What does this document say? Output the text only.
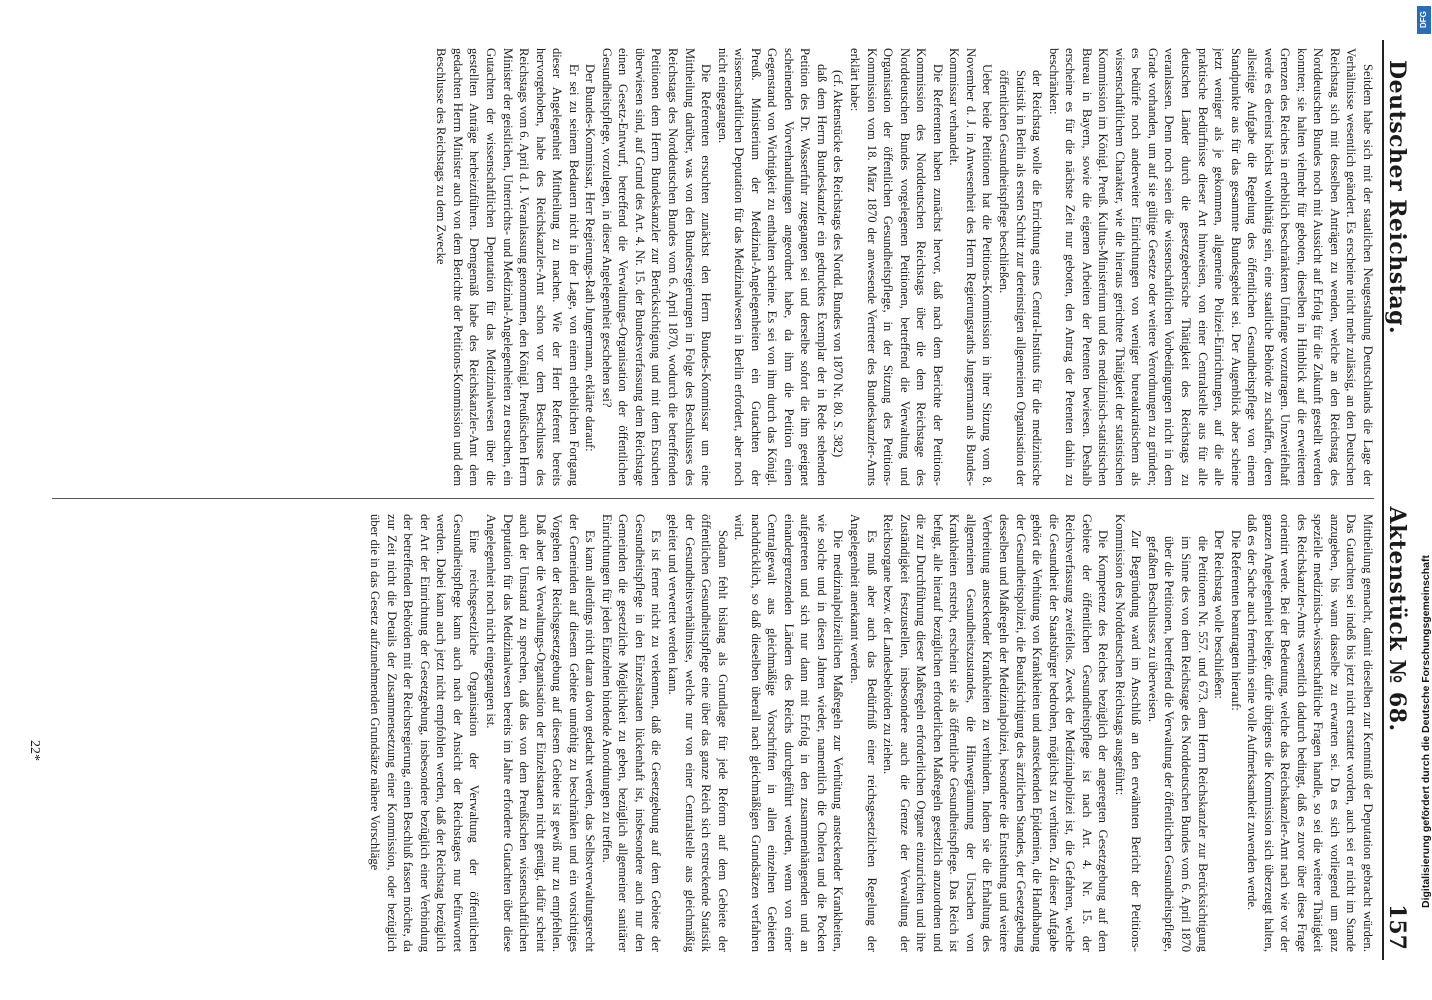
Deutscher Reichstag.
Aktenstück № 68.
157

Seitdem habe sich mit der staatlichen Neugestaltung Deutschlands die Lage der Verhältnisse wesentlich geändert. Es erscheine nicht mehr zulässig, an den Deutschen Reichstag sich mit desselben Anträgen zu wenden, welche an den Reichstag des Norddeutschen Bundes noch mit Aussicht auf Erfolg für die Zukunft gestellt werden konnten; sie halten vielmehr für geboten, dieselben in Hinblick auf die erweiterten Grenzen des Reiches in erheblich beschränktem Umfange vorzutragen. Unzweifelhaft werde es dereinst höchst wohlthätig sein, eine staatliche Behörde zu schaffen, deren allseitige Aufgabe die Regelung des öffentlichen Gesundheitspflege von einem Standpunkte aus für das gesammte Bundesgebiet sei. Der Augenblick aber scheine jetzt weniger als je gekommen, allgemeine Polizei-Einrichtungen, auf die alle praktische Bedürfnisse dieser Art hinweisen, von einer Centralstelle aus für alle deutschen Länder durch die gesetzgeberische Thätigkeit des Reichstags zu veranlassen. Denn noch seien die wissenschaftlichen Vorbedingungen nicht in dem Grade vorhanden, um auf sie gültige Gesetze oder weitere Verordnungen zu gründen; es bedürfe noch anderweiter Einrichtungen von weniger bureaukratischem als wissenschaftlichem Charakter, wie die hieraus gerichtete Thätigkeit der statistischen Kommission im Königl. Preuß. Kultus-Ministerium und des medizinisch-statistischen Bureau in Bayern, sowie die eigenen Arbeiten der Petenten bewiesen. Deshalb erscheine es für die nächste Zeit nur geboten, den Antrag der Petenten dahin zu beschränken:

der Reichstag wolle die Errichtung eines Central-Instituts für die medizinische Statistik in Berlin als ersten Schritt zur dereinstigen allgemeinen Organisation der öffentlichen Gesundheitspflege beschließen.

Ueber beide Petitionen hat die Petitions-Kommission in ihrer Sitzung vom 8. November d. J. in Anwesenheit des Herrn Regierungsraths Jungermann als Bundes-Kommissar verhandelt.

Die Referenten haben zunächst hervor, daß nach dem Berichte der Petitions-Kommission des Norddeutschen Reichstags über die dem Reichstage des Norddeutschen Bundes vorgelegenen Petitionen, betreffend die Verwaltung und Organisation der öffentlichen Gesundheitspflege, in der Sitzung des Petitions-Kommission vom 18. März 1870 der anwesende Vertreter des Bundeskanzler-Amts erklärt habe:

(cf. Aktenstücke des Reichstags des Nordd. Bundes von 1870 Nr. 80. S. 382)

daß dem Herrn Bundeskanzler ein gedrucktes Exemplar der in Rede stehenden Petition des Dr. Wasserfuhr zugegangen sei und derselbe sofort die ihm geeignet scheinenden Vorverhandlungen angeordnet habe, da ihm die Petition einen Gegenstand von Wichtigkeit zu enthalten scheine. Es sei von ihm durch das Königl. Preuß. Ministerium der Medizinal-Angelegenheiten ein Gutachten der wissenschaftlichen Deputation für das Medizinalwesen in Berlin erfordert, aber noch nicht eingegangen.

Die Referenten ersuchten zunächst den Herrn Bundes-Kommissar um eine Mittheilung darüber, was von den Bundesregierungen in Folge des Beschlusses des Reichstags des Norddeutschen Bundes vom 6. April 1870, wodurch die betreffenden Petitionen dem Herrn Bundeskanzler zur Berücksichtigung und mit dem Ersuchen überwiesen sind, auf Grund des Art. 4. Nr. 15. der Bundesverfassung dem Reichstage einen Gesetz-Entwurf, betreffend die Verwaltungs-Organisation der öffentlichen Gesundheitspflege, vorzulegen, in dieser Angelegenheit geschehen sei?

Der Bundes-Kommissar, Herr Regierungs-Rath Jungermann, erklärte darauf:

Er sei zu seinem Bedauern nicht in der Lage, von einem erheblichen Fortgang dieser Angelegenheit Mittheilung zu machen. Wie der Herr Referent bereits hervorgehoben, habe des Reichskanzler-Amt schon vor dem Beschlusse des Reichstags vom 6. April d. J. Veranlassung genommen, den Königl. Preußischen Herrn Minister der geistlichen, Unterrichts- und Medizinal-Angelegenheiten zu ersuchen, ein Gutachten der wissenschaftlichen Deputation für das Medizinalwesen über die gestellten Anträge herbeizuführen. Demgemäß habe des Reichskanzler-Amt dem gedachten Herrn Minister auch von dem Berichte der Petitions-Kommission und dem Beschlusse des Reichstags zu dem Zwecke

Mittheilung gemacht, damit dieselben zur Kenntniß der Deputation gebracht würden. Das Gutachten sei indeß bis jetzt nicht erstattet worden, auch sei er nicht im Stande anzugeben, bis wann dasselbe zu erwarten sei. Da es sich vorliegend um ganz spezielle medizinisch-wissenschaftliche Fragen handle, so sei die weitere Thätigkeit des Reichskanzler-Amts wesentlich dadurch bedingt, daß es zuvor über diese Frage orientirt werde. Bei der Bedeutung, welche das Reichskanzler-Amt nach wie vor der ganzen Angelegenheit beilege, dürfe übrigens die Kommission sich überzeugt halten, daß es der Sache auch fernerhin seine volle Aufmerksamkeit zuwenden werde.

Die Referenten beantragten hierauf:

Der Reichstag wolle beschließen:

die Petitionen Nr. 557. und 673. dem Herrn Reichskanzler zur Berücksichtigung im Sinne des von dem Reichstage des Norddeutschen Bundes vom 6. April 1870 über die Petitionen, betreffend die Verwaltung der öffentlichen Gesundheitspflege, gefaßten Beschlusses zu überweisen.

Zur Begründung ward im Anschluß an den erwähnten Bericht der Petitions-Kommission des Norddeutschen Reichstags ausgeführt:

Die Kompetenz des Reiches bezüglich der angeregten Gesetzgebung auf dem Gebiete der öffentlichen Gesundheitspflege ist nach Art. 4. Nr. 15. der Reichsverfassung zweifellos. Zweck der Medizinalpolizei ist, die Gefahren, welche die Gesundheit der Staatsbürger bedrohen, möglichst zu verhüten. Zu dieser Aufgabe gehört die Verhütung von Krankheiten und ansteckenden Epidemien, die Handhabung der Gesundheitspolizei, die Beaufsichtigung des ärztlichen Standes, der Gesetzgebung desselben und Maßregeln der Medizinalpolizei, besondere die Entstehung und weitere Verbreitung ansteckender Krankheiten zu verhindern. Indem sie die Erhaltung des allgemeinen Gesundheitszustandes, die Hinwegräumung der Ursachen von Krankheiten erstrebt, erscheint sie als öffentliche Gesundheitspflege. Das Reich ist befugt, alle hierauf bezüglichen erforderlichen Maßregeln gesetzlich anzuordnen und die zur Durchführung dieser Maßregeln erforderlichen Organe einzurichten und ihre Zuständigkeit festzustellen, insbesondere auch die Grenze der Verwaltung der Reichsorgane bezw. der Landesbehörden zu ziehen.

Es muß aber auch das Bedürfniß einer reichsgesetzlichen Regelung der Angelegenheit anerkannt werden.

Die medizinalpolizeilichen Maßregeln zur Verhütung ansteckender Krankheiten, wie solche und in diesen Jahren wieder, namentlich die Cholera und die Pocken aufgetreten und sich nur dann mit Erfolg in den zusammenhängenden und an einandergrenzenden Ländern des Reichs durchgeführt werden, wenn von einer Centralgewalt aus gleichmäßige Vorschriften in allen einzelnen Gebieten nachdrücklich, so daß dieselben überall nach gleichmäßigen Grundsätzen verfahren wird.

Sodann fehlt bislang als Grundlage für jede Reform auf dem Gebiete der öffentlichen Gesundheitspflege eine über das ganze Reich sich erstreckende Statistik der Gesundheitsverhältnisse, welche nur von einer Centralstelle aus gleichmäßig geleitet und verwertet werden kann.

Es ist ferner nicht zu verkennen, daß die Gesetzgebung auf dem Gebiete der Gesundheitspflege in den Einzelstaaten lückenhaft ist, insbesondere auch nur den Gemeinden die gesetzliche Möglichkeit zu geben, bezüglich allgemeiner sanitärer Einrichtungen für jeden Einzelnen bindende Anordnungen zu treffen.

Es kann allerdings nicht daran davon gedacht werden, das Selbstverwaltungsrecht der Gemeinden auf diesem Gebiete unnöthig zu beschränken und ein vorsichtiges Vorgehen der Reichsgesetzgebung auf diesem Gebiete ist gewiß nur zu empfehlen. Daß aber die Verwaltungs-Organisation der Einzelstaaten nicht genügt, dafür scheint auch der Umstand zu sprechen, daß das von dem Preußischen wissenschaftlichen Deputation für das Medizinalwesen bereits im Jahre erforderte Gutachten über diese Angelegenheit noch nicht eingegangen ist.

Eine reichsgesetzliche Organisation der Verwaltung der öffentlichen Gesundheitspflege kann auch nach der Ansicht der Reichstages nur befürwortet werden. Dabei kann auch jetzt nicht empfohlen werden, daß der Reichstag bezüglich der Art der Einrichtung der Gesetzgebung, insbesondere bezüglich einer Verbindung der betreffenden Behörden mit der Reichsregierung, einen Beschluß fassen möchte, da zur Zeit nicht die Details der Zusammensetzung einer Kommission, oder bezüglich über die in das Gesetz aufzunehmenden Grundsätze nähere Vorschläge

22*
DFG
Digitalisierung gefördert durch die Deutsche Forschungsgemeinschaft
